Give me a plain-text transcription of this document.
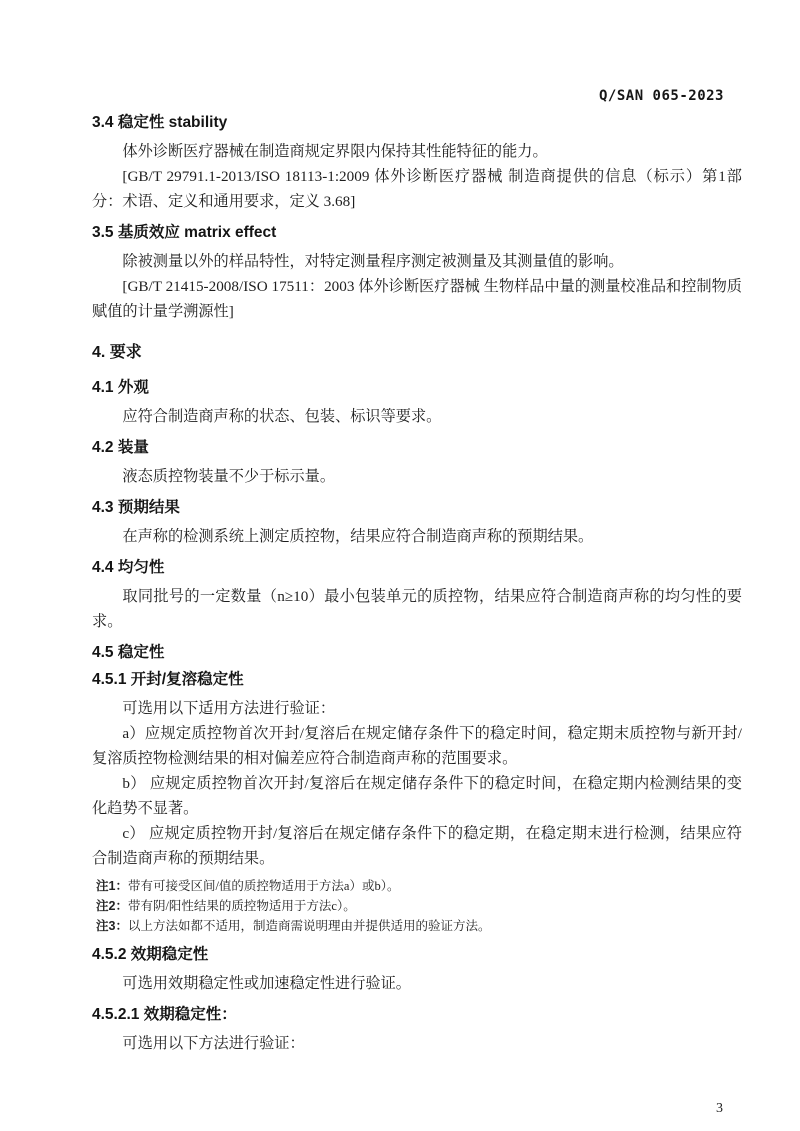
Q/SAN 065-2023
3.4 稳定性 stability

体外诊断医疗器械在制造商规定界限内保持其性能特征的能力。

[GB/T 29791.1-2013/ISO 18113-1:2009 体外诊断医疗器械 制造商提供的信息（标示）第1部分：术语、定义和通用要求，定义 3.68]

3.5 基质效应 matrix effect

除被测量以外的样品特性，对特定测量程序测定被测量及其测量值的影响。

[GB/T 21415-2008/ISO 17511：2003 体外诊断医疗器械 生物样品中量的测量校准品和控制物质赋值的计量学溯源性]

4. 要求
4.1 外观

应符合制造商声称的状态、包装、标识等要求。

4.2 装量

液态质控物装量不少于标示量。

4.3 预期结果

在声称的检测系统上测定质控物，结果应符合制造商声称的预期结果。

4.4 均匀性

取同批号的一定数量（n≥10）最小包装单元的质控物，结果应符合制造商声称的均匀性的要求。

4.5 稳定性
4.5.1 开封/复溶稳定性

可选用以下适用方法进行验证：

a）应规定质控物首次开封/复溶后在规定储存条件下的稳定时间，稳定期末质控物与新开封/复溶质控物检测结果的相对偏差应符合制造商声称的范围要求。

b） 应规定质控物首次开封/复溶后在规定储存条件下的稳定时间，在稳定期内检测结果的变化趋势不显著。

c） 应规定质控物开封/复溶后在规定储存条件下的稳定期，在稳定期末进行检测，结果应符合制造商声称的预期结果。

注1：带有可接受区间/值的质控物适用于方法a）或b）。

注2：带有阴/阳性结果的质控物适用于方法c）。

注3：以上方法如都不适用，制造商需说明理由并提供适用的验证方法。

4.5.2 效期稳定性

可选用效期稳定性或加速稳定性进行验证。

4.5.2.1 效期稳定性：

可选用以下方法进行验证：

3
